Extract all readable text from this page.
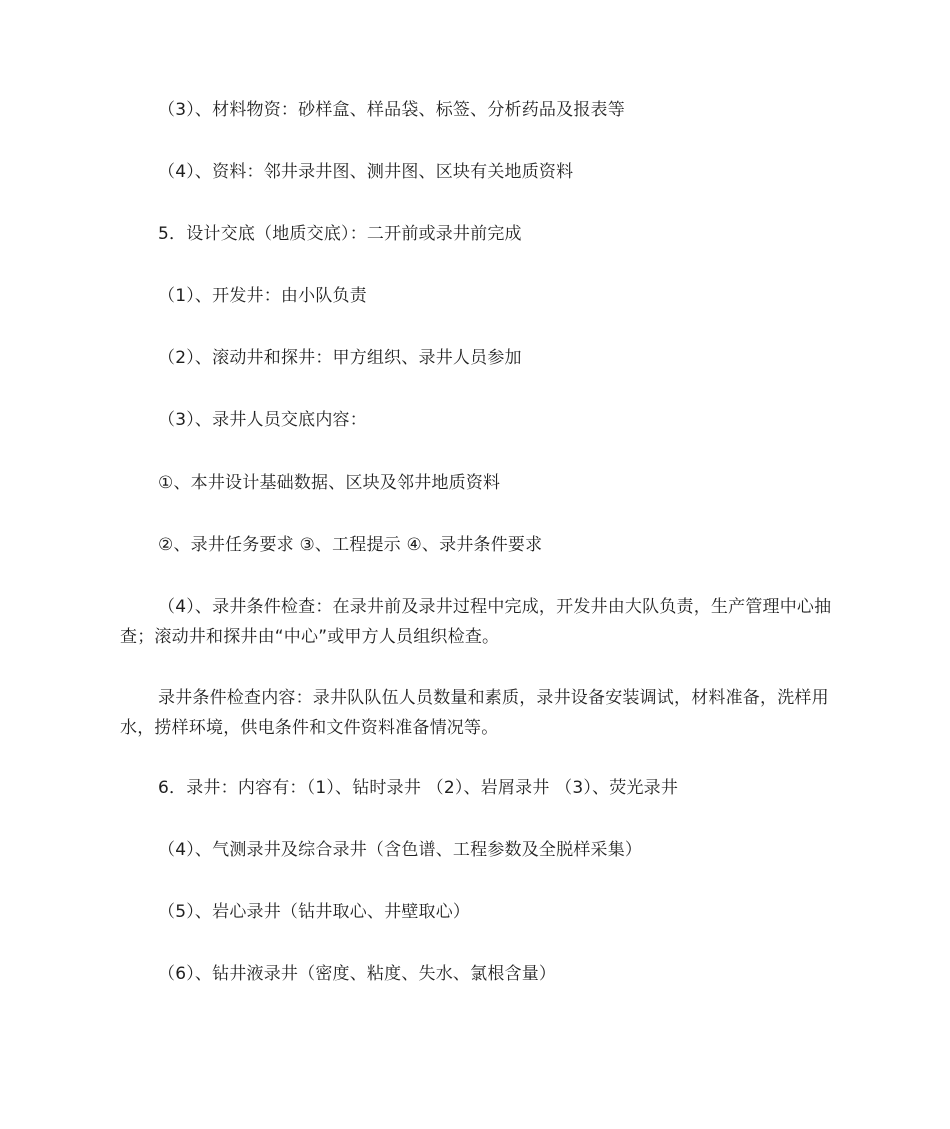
（3）、材料物资：砂样盒、样品袋、标签、分析药品及报表等
（4）、资料：邻井录井图、测井图、区块有关地质资料
5．设计交底（地质交底）：二开前或录井前完成
（1）、开发井：由小队负责
（2）、滚动井和探井：甲方组织、录井人员参加
（3）、录井人员交底内容：
①、本井设计基础数据、区块及邻井地质资料
②、录井任务要求 ③、工程提示 ④、录井条件要求
（4）、录井条件检查：在录井前及录井过程中完成，开发井由大队负责，生产管理中心抽查；滚动井和探井由“中心”或甲方人员组织检查。
录井条件检查内容：录井队队伍人员数量和素质，录井设备安装调试，材料准备，洗样用水，捞样环境，供电条件和文件资料准备情况等。
6．录井：内容有：（1）、钻时录井 （2）、岩屑录井 （3）、荧光录井
（4）、气测录井及综合录井（含色谱、工程参数及全脱样采集）
（5）、岩心录井（钻井取心、井壁取心）
（6）、钻井液录井（密度、粘度、失水、氯根含量）
